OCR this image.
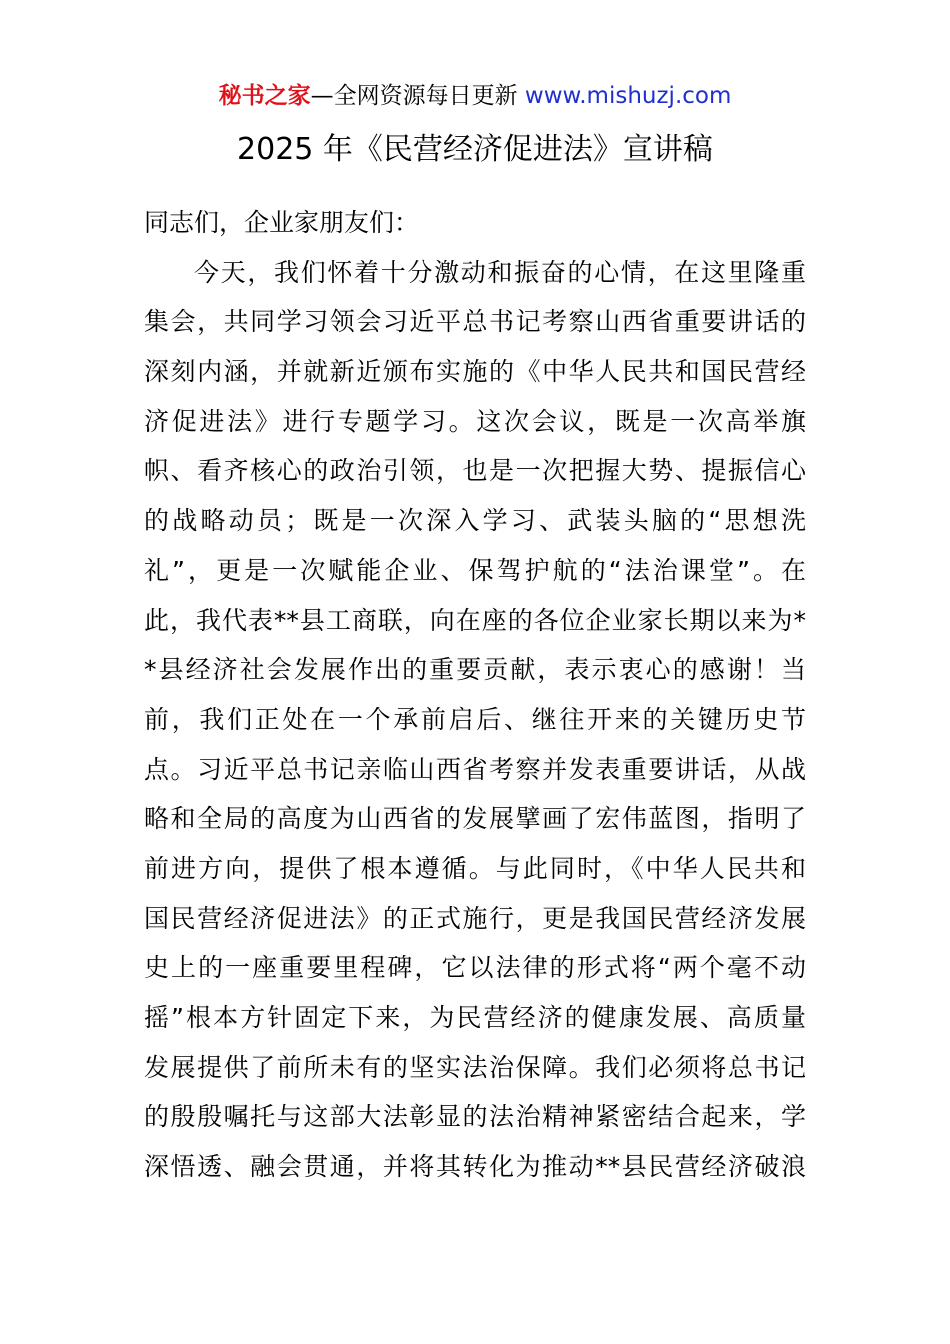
秘书之家—全网资源每日更新 www.mishuzj.com
2025 年《民营经济促进法》宣讲稿
同志们，企业家朋友们：
今天，我们怀着十分激动和振奋的心情，在这里隆重
集会，共同学习领会习近平总书记考察山西省重要讲话的
深刻内涵，并就新近颁布实施的《中华人民共和国民营经
济促进法》进行专题学习。这次会议，既是一次高举旗
帜、看齐核心的政治引领，也是一次把握大势、提振信心
的战略动员；既是一次深入学习、武装头脑的“思想洗
礼”，更是一次赋能企业、保驾护航的“法治课堂”。在
此，我代表**县工商联，向在座的各位企业家长期以来为*
*县经济社会发展作出的重要贡献，表示衷心的感谢！当
前，我们正处在一个承前启后、继往开来的关键历史节
点。习近平总书记亲临山西省考察并发表重要讲话，从战
略和全局的高度为山西省的发展擘画了宏伟蓝图，指明了
前进方向，提供了根本遵循。与此同时，《中华人民共和
国民营经济促进法》的正式施行，更是我国民营经济发展
史上的一座重要里程碑，它以法律的形式将“两个毫不动
摇”根本方针固定下来，为民营经济的健康发展、高质量
发展提供了前所未有的坚实法治保障。我们必须将总书记
的殷殷嘱托与这部大法彰显的法治精神紧密结合起来，学
深悟透、融会贯通，并将其转化为推动**县民营经济破浪
